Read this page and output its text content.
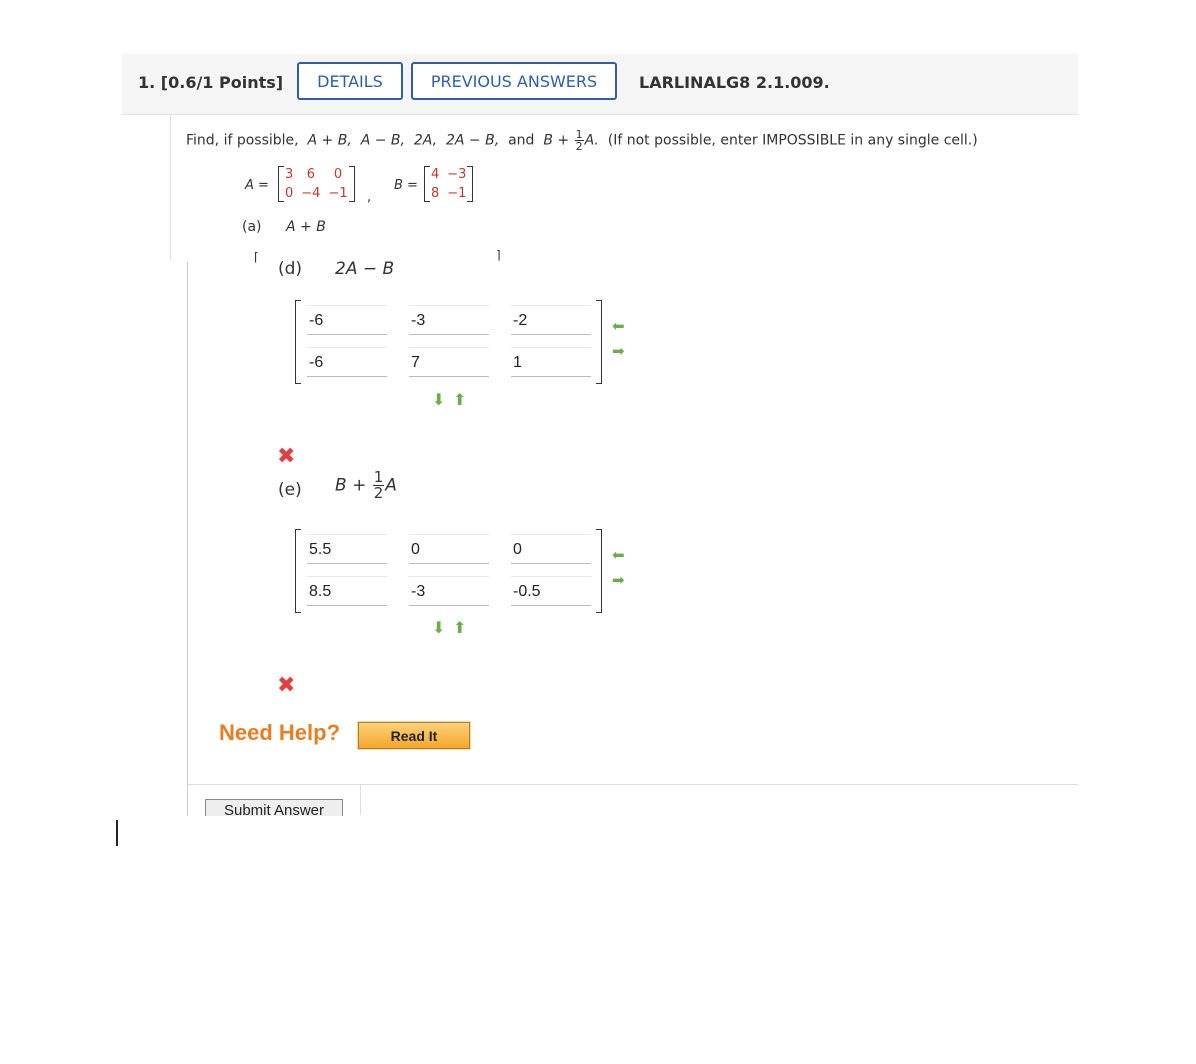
1. [0.6/1 Points]	DETAILS	PREVIOUS ANSWERS	LARLINALG8 2.1.009.
Find, if possible, A + B, A − B, 2A, 2A − B, and $B + \frac{1}{2} A$. (If not possible, enter IMPOSSIBLE in any single cell.)
A =
3	6	0
0 −4 −1 ,
B =
4 −3
8 −1
(a) A + B
⌈	⌉
(d) 2A − B
-6	-3	-2
-6	7	1
⬅
➡
⬇ ⬆
✖
(e) $B + \frac{1}{2}$ A
5.5	0	0
8.5	-3	-0.5
⬅
➡
⬇ ⬆
✖
Need Help?	Read It
Submit Answer
